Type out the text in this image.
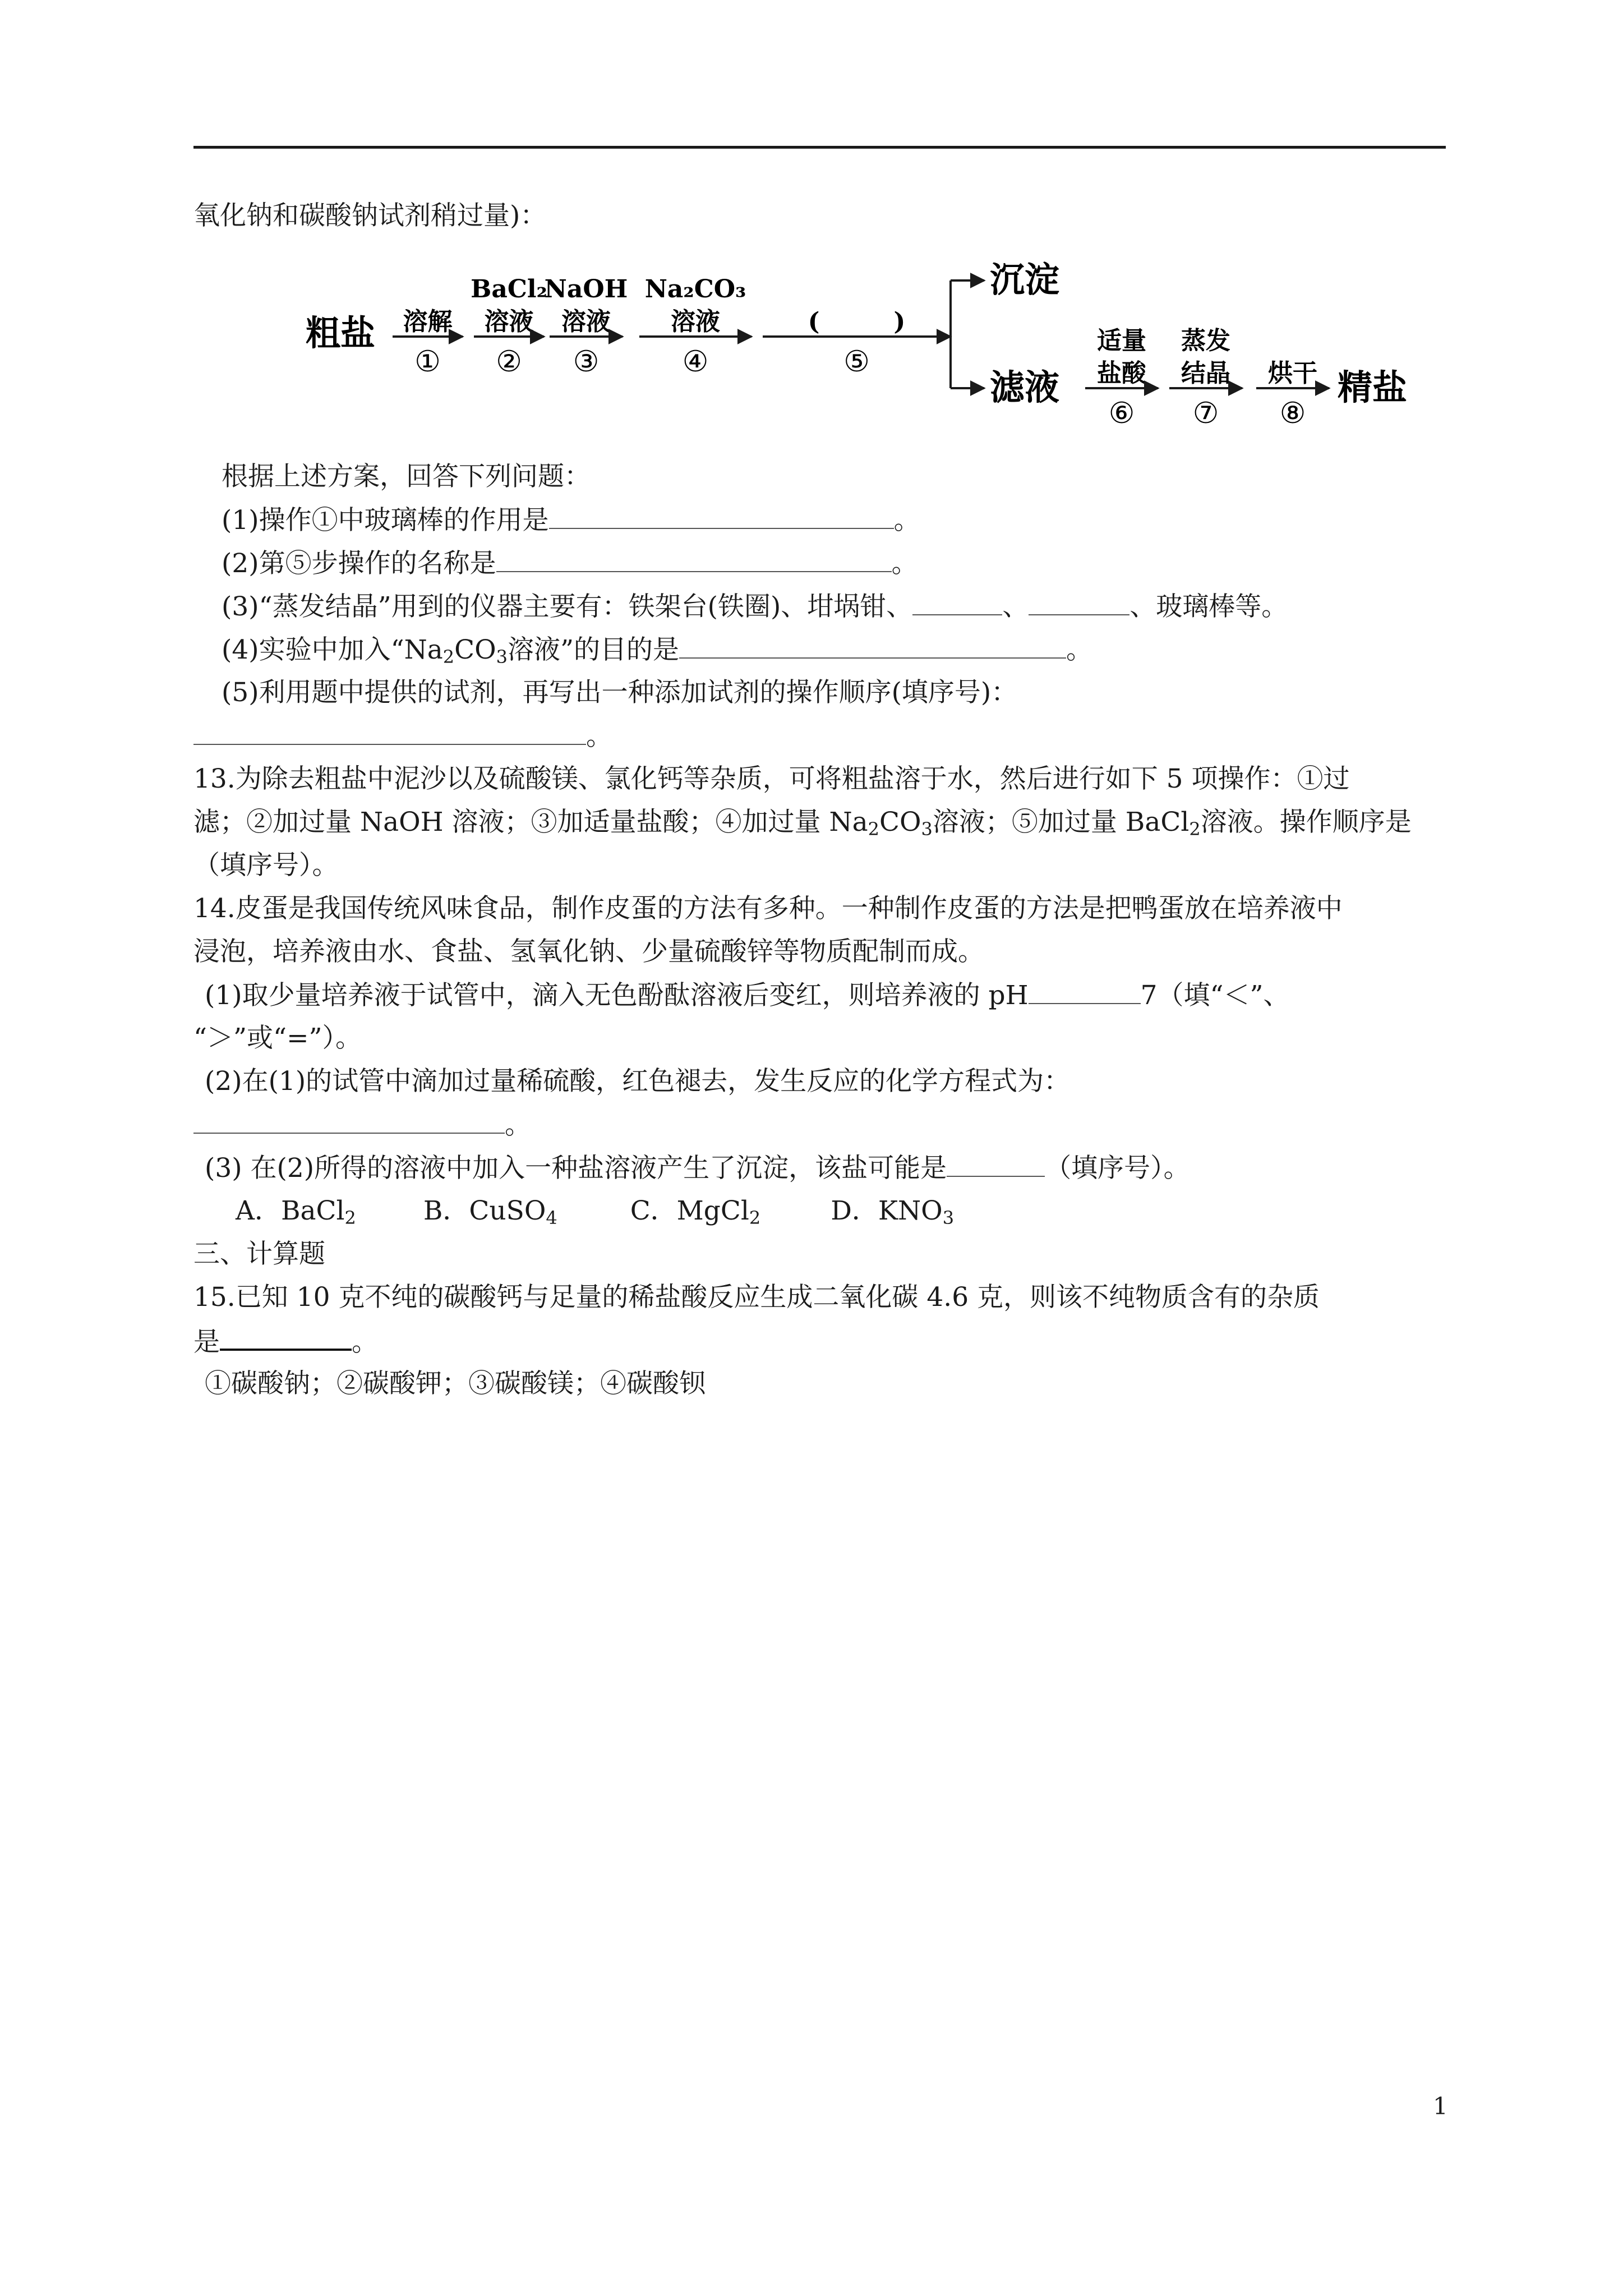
氧化钠和碳酸钠试剂稍过量)：
粗盐 溶解
①
BaCl₂
溶液
②
NaOH
溶液
③
Na₂CO₃
溶液
④
(　　　)
⑤
沉淀
滤液
适量
盐酸
⑥
蒸发
结晶
⑦
烘干
⑧
精盐
根据上述方案，回答下列问题：
(1)操作①中玻璃棒的作用是	。
(2)第⑤步操作的名称是	。
(3)“蒸发结晶”用到的仪器主要有：铁架台(铁圈)、坩埚钳、	、	、玻璃棒等。
(4)实验中加入“$Na_2CO_3$溶液”的目的是	。
(5)利用题中提供的试剂，再写出一种添加试剂的操作顺序(填序号)：
。
13.为除去粗盐中泥沙以及硫酸镁、氯化钙等杂质，可将粗盐溶于水，然后进行如下 5 项操作：①过
滤；②加过量 NaOH 溶液；③加适量盐酸；④加过量 $Na_2CO_3$溶液；⑤加过量 BaCl$_2$溶液。操作顺序是
（填序号）。
14.皮蛋是我国传统风味食品，制作皮蛋的方法有多种。一种制作皮蛋的方法是把鸭蛋放在培养液中
浸泡，培养液由水、食盐、氢氧化钠、少量硫酸锌等物质配制而成。
(1)取少量培养液于试管中，滴入无色酚酞溶液后变红，则培养液的 pH	7（填“＜”、
“＞”或“=”）。
(2)在(1)的试管中滴加过量稀硫酸，红色褪去，发生反应的化学方程式为：
。
(3) 在(2)所得的溶液中加入一种盐溶液产生了沉淀，该盐可能是	（填序号）。
A．BaCl$_2$	B．CuSO$_4$	C．MgCl$_2$	D．$KNO_3$
三、计算题
15.已知 10 克不纯的碳酸钙与足量的稀盐酸反应生成二氧化碳 4.6 克，则该不纯物质含有的杂质
是	。
①碳酸钠；②碳酸钾；③碳酸镁；④碳酸钡
1
